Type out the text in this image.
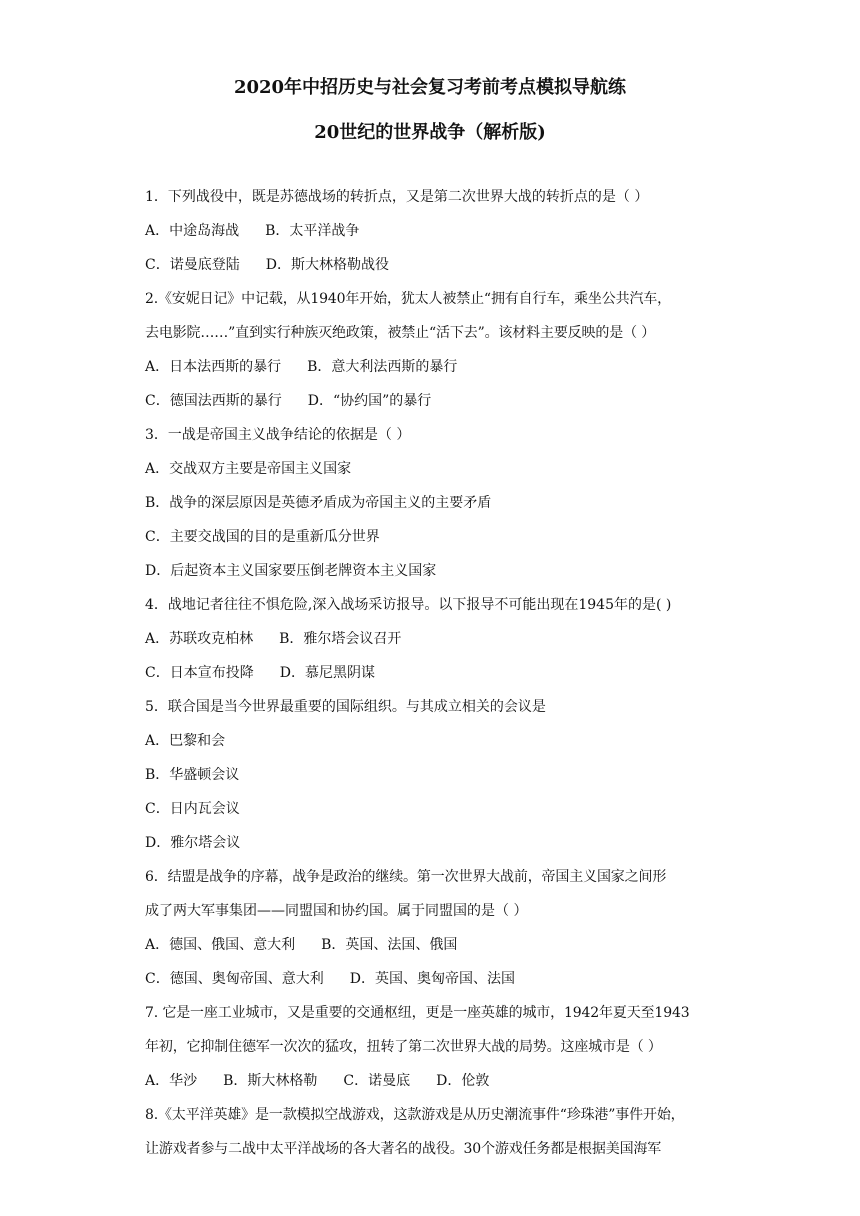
2020年中招历史与社会复习考前考点模拟导航练
20世纪的世界战争（解析版)
1．下列战役中，既是苏德战场的转折点，又是第二次世界大战的转折点的是（ ）
A．中途岛海战 B．太平洋战争
C．诺曼底登陆 D．斯大林格勒战役
2.《安妮日记》中记载，从1940年开始，犹太人被禁止“拥有自行车，乘坐公共汽车，
去电影院……”直到实行种族灭绝政策，被禁止“活下去”。该材料主要反映的是（ ）
A．日本法西斯的暴行 B．意大利法西斯的暴行
C．德国法西斯的暴行 D．“协约国”的暴行
3．一战是帝国主义战争结论的依据是（ ）
A．交战双方主要是帝国主义国家
B．战争的深层原因是英德矛盾成为帝国主义的主要矛盾
C．主要交战国的目的是重新瓜分世界
D．后起资本主义国家要压倒老牌资本主义国家
4．战地记者往往不惧危险,深入战场采访报导。以下报导不可能出现在1945年的是( )
A．苏联攻克柏林 B．雅尔塔会议召开
C．日本宣布投降 D．慕尼黑阴谋
5．联合国是当今世界最重要的国际组织。与其成立相关的会议是
A．巴黎和会
B．华盛顿会议
C．日内瓦会议
D．雅尔塔会议
6．结盟是战争的序幕，战争是政治的继续。第一次世界大战前，帝国主义国家之间形
成了两大军事集团——同盟国和协约国。属于同盟国的是（ ）
A．德国、俄国、意大利 B．英国、法国、俄国
C．德国、奥匈帝国、意大利 D．英国、奥匈帝国、法国
7. 它是一座工业城市，又是重要的交通枢纽，更是一座英雄的城市，1942年夏天至1943
年初，它抑制住德军一次次的猛攻，扭转了第二次世界大战的局势。这座城市是（ ）
A．华沙 B．斯大林格勒 C．诺曼底 D．伦敦
8.《太平洋英雄》是一款模拟空战游戏，这款游戏是从历史潮流事件“珍珠港”事件开始，
让游戏者参与二战中太平洋战场的各大著名的战役。30个游戏任务都是根据美国海军
